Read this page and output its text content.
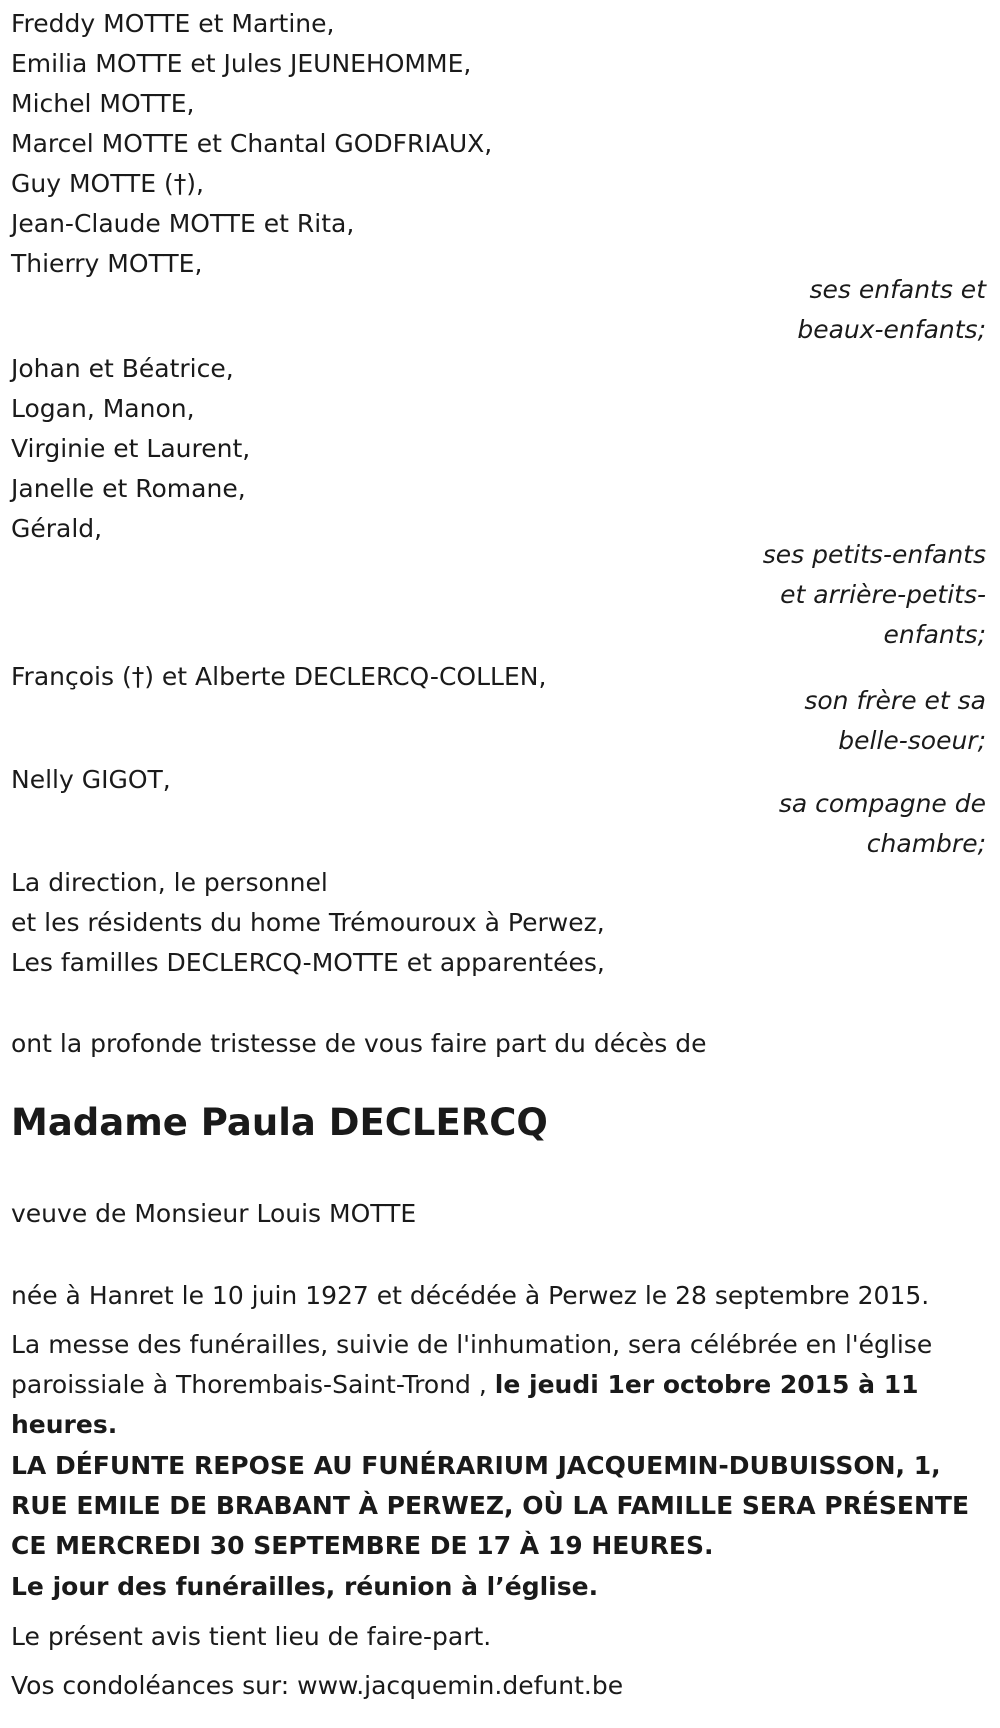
Freddy MOTTE et Martine,
Emilia MOTTE et Jules JEUNEHOMME,
Michel MOTTE,
Marcel MOTTE et Chantal GODFRIAUX,
Guy MOTTE (†),
Jean-Claude MOTTE et Rita,
Thierry MOTTE,
ses enfants et
beaux-enfants;
Johan et Béatrice,
Logan, Manon,
Virginie et Laurent,
Janelle et Romane,
Gérald,
ses petits-enfants
et arrière-petits-
enfants;
François (†) et Alberte DECLERCQ-COLLEN,
son frère et sa
belle-soeur;
Nelly GIGOT,
sa compagne de
chambre;
La direction, le personnel
et les résidents du home Trémouroux à Perwez,
Les familles DECLERCQ-MOTTE et apparentées,
ont la profonde tristesse de vous faire part du décès de
Madame Paula DECLERCQ
veuve de Monsieur Louis MOTTE
née à Hanret le 10 juin 1927 et décédée à Perwez le 28 septembre 2015.
La messe des funérailles, suivie de l'inhumation, sera célébrée en l'église paroissiale à Thorembais-Saint-Trond , le jeudi 1er octobre 2015 à 11 heures.
LA DÉFUNTE REPOSE AU FUNÉRARIUM JACQUEMIN-DUBUISSON, 1, RUE EMILE DE BRABANT À PERWEZ, OÙ LA FAMILLE SERA PRÉSENTE CE MERCREDI 30 SEPTEMBRE DE 17 À 19 HEURES.
Le jour des funérailles, réunion à l’église.
Le présent avis tient lieu de faire-part.
Vos condoléances sur: www.jacquemin.defunt.be
